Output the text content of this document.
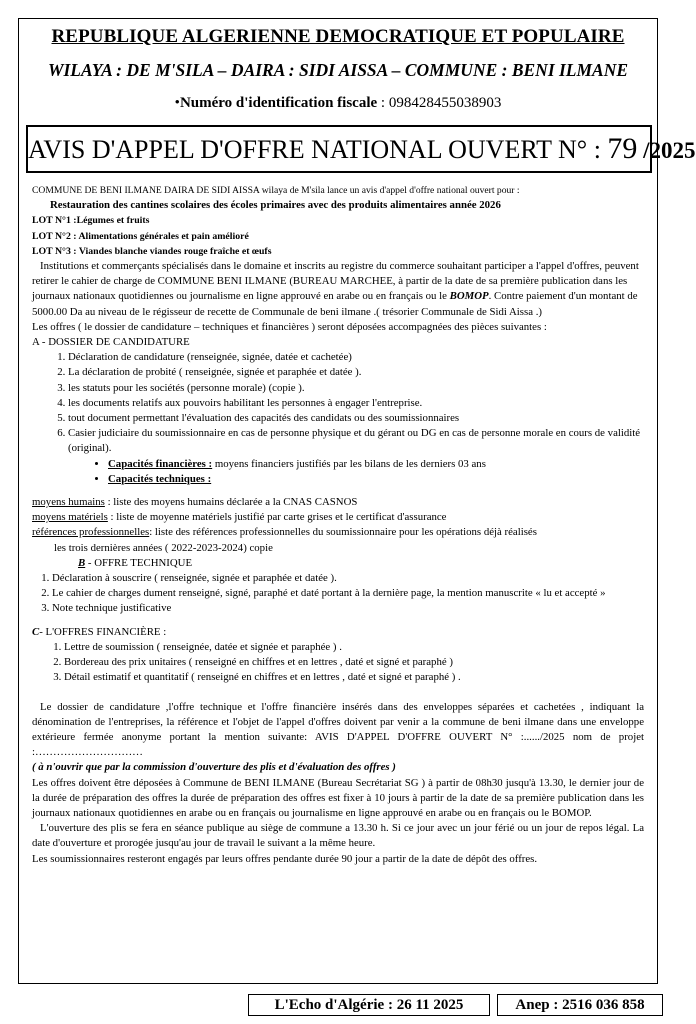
REPUBLIQUE ALGERIENNE DEMOCRATIQUE ET POPULAIRE
WILAYA : DE M'SILA – DAIRA : SIDI AISSA – COMMUNE : BENI ILMANE
•Numéro d'identification fiscale : 098428455038903
AVIS D'APPEL D'OFFRE NATIONAL OUVERT N° : 79 /2025

COMMUNE DE BENI ILMANE DAIRA DE SIDI AISSA wilaya de M'sila lance un avis d'appel d'offre national ouvert pour :

Restauration des cantines scolaires des écoles primaires avec des produits alimentaires année 2026

LOT N°1 :Légumes et fruits

LOT N°2 : Alimentations générales et pain amélioré

LOT N°3 : Viandes blanche viandes rouge fraîche et œufs

Institutions et commerçants spécialisés dans le domaine et inscrits au registre du commerce souhaitant participer a l'appel d'offres, peuvent retirer le cahier de charge de COMMUNE BENI ILMANE (BUREAU MARCHEE, à partir de la date de sa première publication dans les journaux nationaux quotidiennes ou journalisme en ligne approuvé en arabe ou en français ou le BOMOP. Contre paiement d'un montant de 5000.00 Da au niveau de le régisseur de recette de Communale de beni ilmane .( trésorier Communale de Sidi Aissa .)

Les offres ( le dossier de candidature – techniques et financières ) seront déposées accompagnées des pièces suivantes :

A - DOSSIER DE CANDIDATURE

1. Déclaration de candidature (renseignée, signée, datée et cachetée)
2. La déclaration de probité ( renseignée, signée et paraphée et datée ).
3. les statuts pour les sociétés (personne morale) (copie ).
4. les documents relatifs aux pouvoirs habilitant les personnes à engager l'entreprise.
5. tout document permettant l'évaluation des capacités des candidats ou des soumissionnaires
6. Casier judiciaire du soumissionnaire en cas de personne physique et du gérant ou DG en cas de personne morale en cours de validité (original).
• Capacités financières : moyens financiers justifiés par les bilans de les derniers 03 ans
• Capacités techniques :

moyens humains : liste des moyens humains déclarée a la CNAS CASNOS

moyens matériels : liste de moyenne matériels justifié par carte grises et le certificat d'assurance

références professionnelles: liste des références professionnelles du soumissionnaire pour les opérations déjà réalisés

les trois dernières années ( 2022-2023-2024) copie

B - OFFRE TECHNIQUE

1. Déclaration à souscrire ( renseignée, signée et paraphée et datée ).
2. Le cahier de charges dument renseigné, signé, paraphé et daté portant à la dernière page, la mention manuscrite « lu et accepté »
3. Note technique justificative

C- L'OFFRES FINANCIÈRE :

1. Lettre de soumission ( renseignée, datée et signée et paraphée ) .
2. Bordereau des prix unitaires ( renseigné en chiffres et en lettres , daté et signé et paraphé )
3. Détail estimatif et quantitatif ( renseigné en chiffres et en lettres , daté et signé et paraphé ) .

Le dossier de candidature ,l'offre technique et l'offre financière insérés dans des enveloppes séparées et cachetées , indiquant la dénomination de l'entreprises, la référence et l'objet de l'appel d'offres doivent par venir a la commune de beni ilmane dans une enveloppe extérieure fermée anonyme portant la mention suivante: AVIS D'APPEL D'OFFRE OUVERT N° :....../2025 nom de projet :…………………………

( à n'ouvrir que par la commission d'ouverture des plis et d'évaluation des offres )

Les offres doivent être déposées à Commune de BENI ILMANE (Bureau Secrétariat SG ) à partir de 08h30 jusqu'à 13.30, le dernier jour de la durée de préparation des offres la durée de préparation des offres est fixer à 10 jours à partir de la date de sa première publication dans les journaux nationaux quotidiennes en arabe ou en français ou journalisme en ligne approuvé en arabe ou en français ou le BOMOP.

L'ouverture des plis se fera en séance publique au siège de commune a 13.30 h. Si ce jour avec un jour férié ou un jour de repos légal. La date d'ouverture et prorogée jusqu'au jour de travail le suivant a la même heure.

Les soumissionnaires resteront engagés par leurs offres pendante durée 90 jour a partir de la date de dépôt des offres.

L'Echo d'Algérie : 26 11 2025	Anep : 2516 036 858
